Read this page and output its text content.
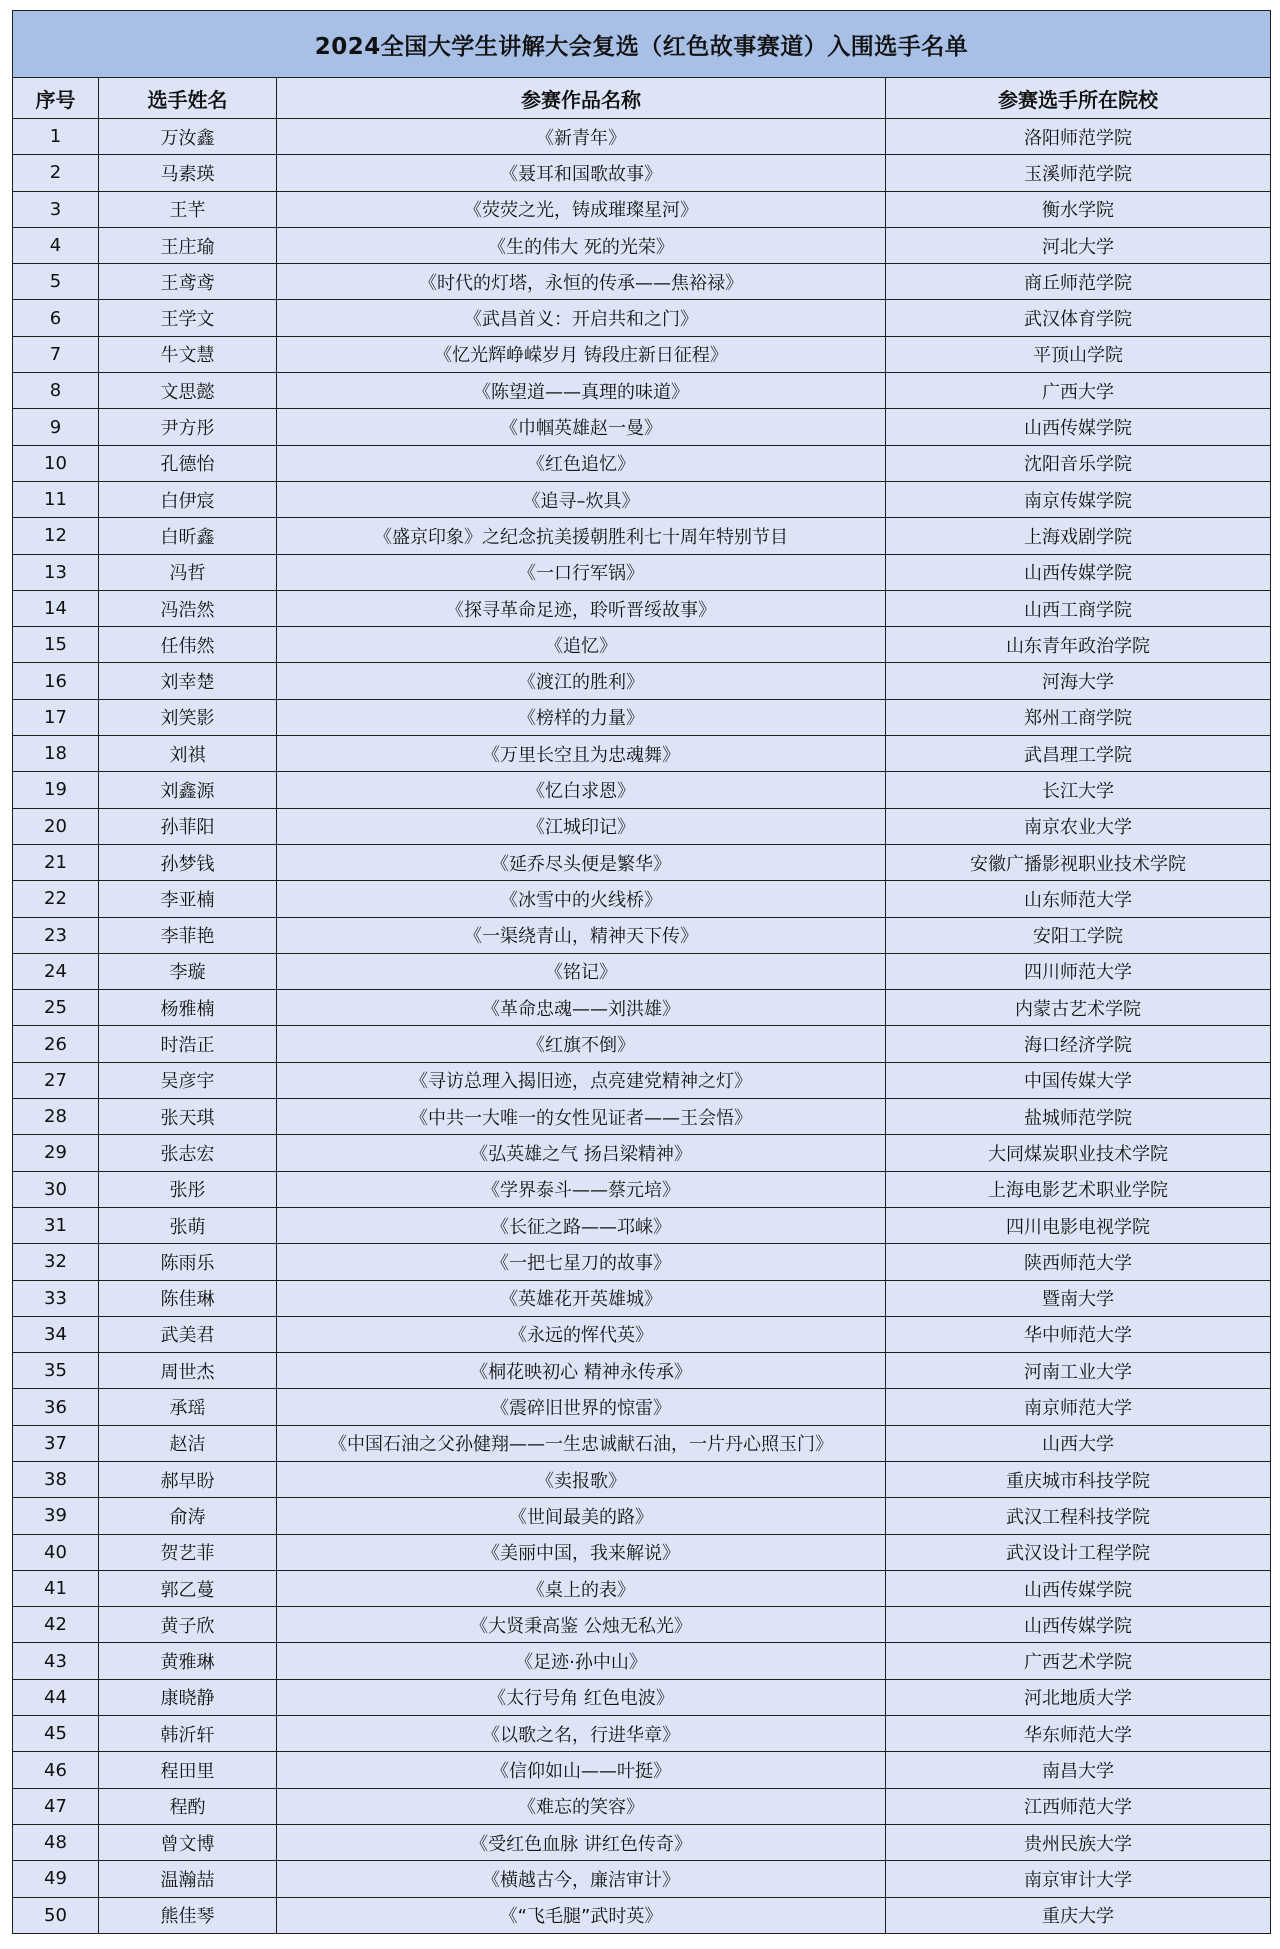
2024全国大学生讲解大会复选（红色故事赛道）入围选手名单			
序号	选手姓名	参赛作品名称	参赛选手所在院校
1	万汝鑫	《新青年》	洛阳师范学院
2	马素瑛	《聂耳和国歌故事》	玉溪师范学院
3	王芊	《荧荧之光，铸成璀璨星河》	衡水学院
4	王庄瑜	《生的伟大 死的光荣》	河北大学
5	王鸢鸢	《时代的灯塔，永恒的传承——焦裕禄》	商丘师范学院
6	王学文	《武昌首义：开启共和之门》	武汉体育学院
7	牛文慧	《忆光辉峥嵘岁月 铸段庄新日征程》	平顶山学院
8	文思懿	《陈望道——真理的味道》	广西大学
9	尹方彤	《巾帼英雄赵一曼》	山西传媒学院
10	孔德怡	《红色追忆》	沈阳音乐学院
11	白伊宸	《追寻–炊具》	南京传媒学院
12	白昕鑫	《盛京印象》之纪念抗美援朝胜利七十周年特别节目	上海戏剧学院
13	冯哲	《一口行军锅》	山西传媒学院
14	冯浩然	《探寻革命足迹，聆听晋绥故事》	山西工商学院
15	任伟然	《追忆》	山东青年政治学院
16	刘幸楚	《渡江的胜利》	河海大学
17	刘笑影	《榜样的力量》	郑州工商学院
18	刘祺	《万里长空且为忠魂舞》	武昌理工学院
19	刘鑫源	《忆白求恩》	长江大学
20	孙菲阳	《江城印记》	南京农业大学
21	孙梦钱	《延乔尽头便是繁华》	安徽广播影视职业技术学院
22	李亚楠	《冰雪中的火线桥》	山东师范大学
23	李菲艳	《一渠绕青山，精神天下传》	安阳工学院
24	李璇	《铭记》	四川师范大学
25	杨雅楠	《革命忠魂——刘洪雄》	内蒙古艺术学院
26	时浩正	《红旗不倒》	海口经济学院
27	吴彦宇	《寻访总理入揭旧迹，点亮建党精神之灯》	中国传媒大学
28	张天琪	《中共一大唯一的女性见证者——王会悟》	盐城师范学院
29	张志宏	《弘英雄之气 扬吕梁精神》	大同煤炭职业技术学院
30	张彤	《学界泰斗——蔡元培》	上海电影艺术职业学院
31	张萌	《长征之路——邛崃》	四川电影电视学院
32	陈雨乐	《一把七星刀的故事》	陕西师范大学
33	陈佳琳	《英雄花开英雄城》	暨南大学
34	武美君	《永远的恽代英》	华中师范大学
35	周世杰	《桐花映初心 精神永传承》	河南工业大学
36	承瑶	《震碎旧世界的惊雷》	南京师范大学
37	赵洁	《中国石油之父孙健翔——一生忠诚献石油，一片丹心照玉门》	山西大学
38	郝早盼	《卖报歌》	重庆城市科技学院
39	俞涛	《世间最美的路》	武汉工程科技学院
40	贺艺菲	《美丽中国，我来解说》	武汉设计工程学院
41	郭乙蔓	《桌上的表》	山西传媒学院
42	黄子欣	《大贤秉高鉴 公烛无私光》	山西传媒学院
43	黄雅琳	《足迹·孙中山》	广西艺术学院
44	康晓静	《太行号角 红色电波》	河北地质大学
45	韩沂轩	《以歌之名，行进华章》	华东师范大学
46	程田里	《信仰如山——叶挺》	南昌大学
47	程酌	《难忘的笑容》	江西师范大学
48	曾文博	《受红色血脉 讲红色传奇》	贵州民族大学
49	温瀚喆	《横越古今，廉洁审计》	南京审计大学
50	熊佳琴	《“飞毛腿”武时英》	重庆大学
